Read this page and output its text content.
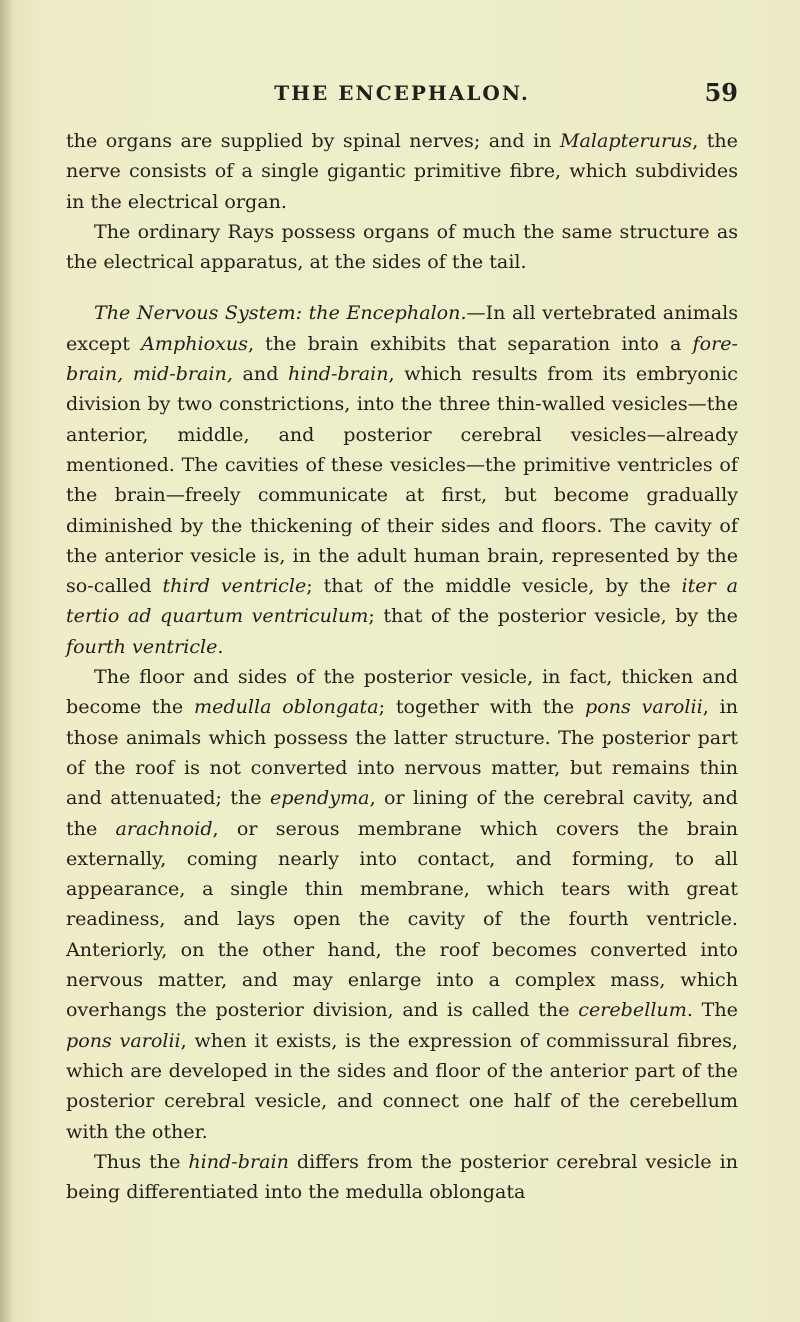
THE ENCEPHALON.	59

the organs are supplied by spinal nerves; and in Malapterurus, the nerve consists of a single gigantic primitive fibre, which subdivides in the electrical organ.

The ordinary Rays possess organs of much the same structure as the electrical apparatus, at the sides of the tail.

The Nervous System: the Encephalon.—In all vertebrated animals except Amphioxus, the brain exhibits that separation into a fore-brain, mid-brain, and hind-brain, which results from its embryonic division by two constrictions, into the three thin-walled vesicles—the anterior, middle, and posterior cerebral vesicles—already mentioned. The cavities of these vesicles—the primitive ventricles of the brain—freely communicate at first, but become gradually diminished by the thickening of their sides and floors. The cavity of the anterior vesicle is, in the adult human brain, represented by the so-called third ventricle; that of the middle vesicle, by the iter a tertio ad quartum ventriculum; that of the posterior vesicle, by the fourth ventricle.

The floor and sides of the posterior vesicle, in fact, thicken and become the medulla oblongata; together with the pons varolii, in those animals which possess the latter structure. The posterior part of the roof is not converted into nervous matter, but remains thin and attenuated; the ependyma, or lining of the cerebral cavity, and the arachnoid, or serous membrane which covers the brain externally, coming nearly into contact, and forming, to all appearance, a single thin membrane, which tears with great readiness, and lays open the cavity of the fourth ventricle. Anteriorly, on the other hand, the roof becomes converted into nervous matter, and may enlarge into a complex mass, which overhangs the posterior division, and is called the cerebellum. The pons varolii, when it exists, is the expression of commissural fibres, which are developed in the sides and floor of the anterior part of the posterior cerebral vesicle, and connect one half of the cerebellum with the other.

Thus the hind-brain differs from the posterior cerebral vesicle in being differentiated into the medulla oblongata
